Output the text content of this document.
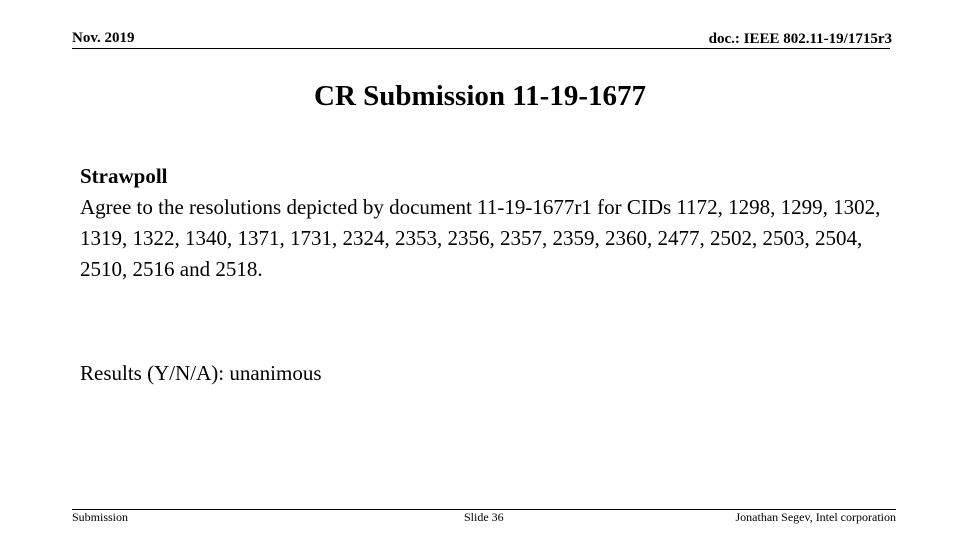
Nov. 2019	doc.: IEEE 802.11-19/1715r3
CR Submission 11-19-1677
Strawpoll
Agree to the resolutions depicted by document 11-19-1677r1 for CIDs 1172, 1298, 1299, 1302, 1319, 1322, 1340, 1371, 1731, 2324, 2353, 2356, 2357, 2359, 2360, 2477, 2502, 2503, 2504, 2510, 2516 and 2518.
Results (Y/N/A): unanimous
Submission	Slide 36	Jonathan Segev, Intel corporation
